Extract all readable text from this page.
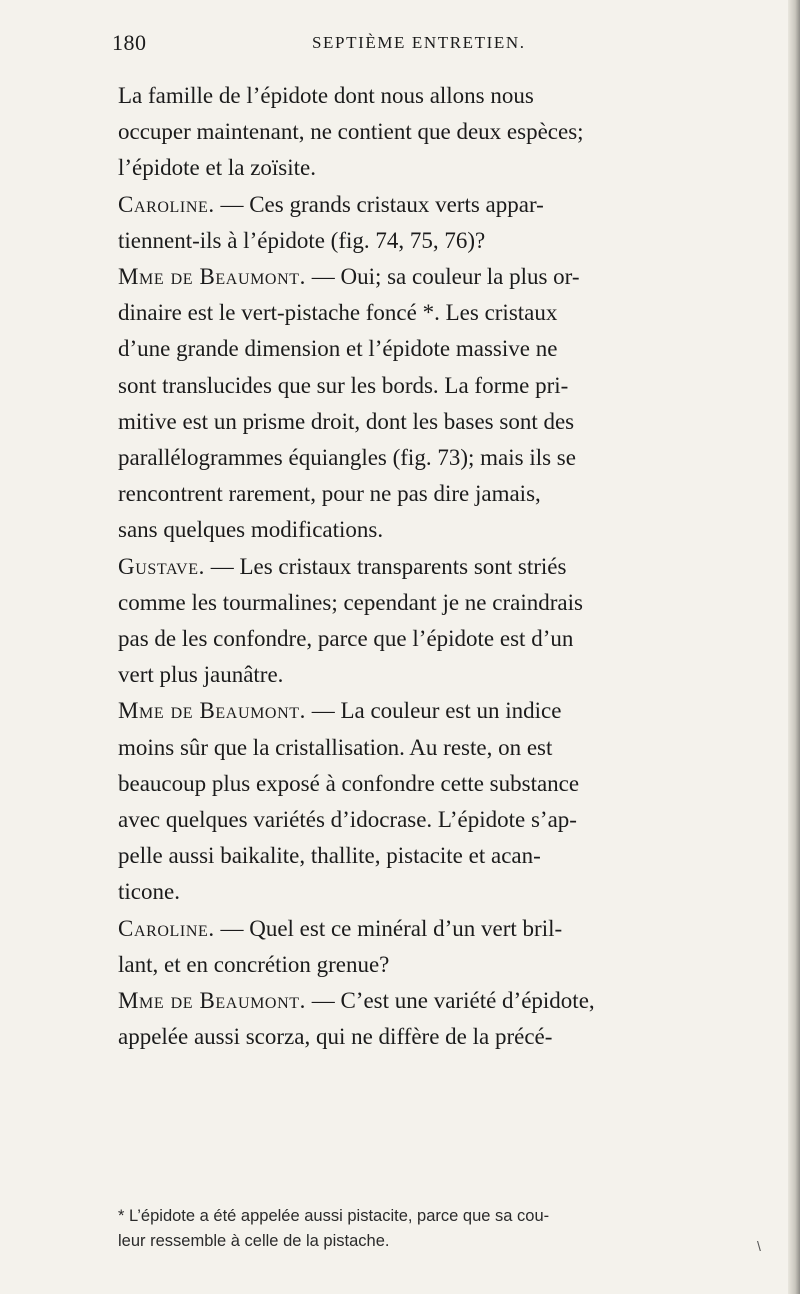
180	SEPTIÈME ENTRETIEN.

La famille de l’épidote dont nous allons nous
occuper maintenant, ne contient que deux espèces;
l’épidote et la zoïsite.

Caroline. — Ces grands cristaux verts appar-
tiennent-ils à l’épidote (fig. 74, 75, 76)?

Mme de Beaumont. — Oui; sa couleur la plus or-
dinaire est le vert-pistache foncé *. Les cristaux
d’une grande dimension et l’épidote massive ne
sont translucides que sur les bords. La forme pri-
mitive est un prisme droit, dont les bases sont des
parallélogrammes équiangles (fig. 73); mais ils se
rencontrent rarement, pour ne pas dire jamais,
sans quelques modifications.

Gustave. — Les cristaux transparents sont striés
comme les tourmalines; cependant je ne craindrais
pas de les confondre, parce que l’épidote est d’un
vert plus jaunâtre.

Mme de Beaumont. — La couleur est un indice
moins sûr que la cristallisation. Au reste, on est
beaucoup plus exposé à confondre cette substance
avec quelques variétés d’idocrase. L’épidote s’ap-
pelle aussi baikalite, thallite, pistacite et acan-
ticone.

Caroline. — Quel est ce minéral d’un vert bril-
lant, et en concrétion grenue?

Mme de Beaumont. — C’est une variété d’épidote,
appelée aussi scorza, qui ne diffère de la précé-

* L’épidote a été appelée aussi pistacite, parce que sa cou-
leur ressemble à celle de la pistache.	\
